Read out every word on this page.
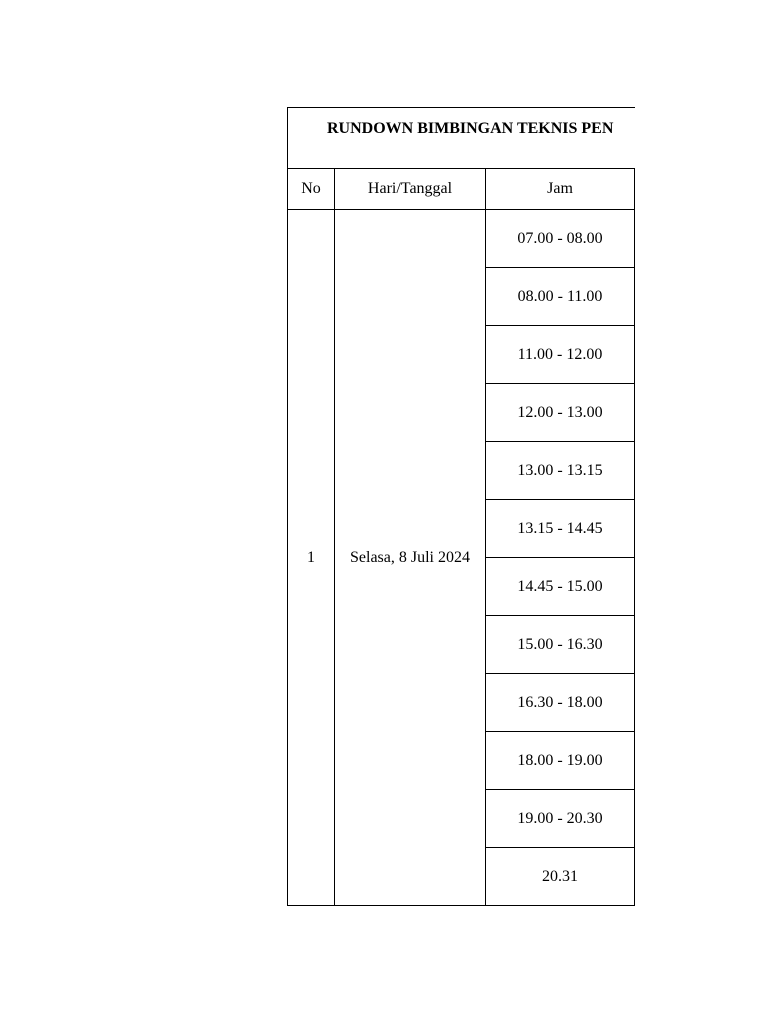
RUNDOWN BIMBINGAN TEKNIS PEN			
No	Hari/Tanggal	Jam	
1	Selasa, 8 Juli 2024	07.00 - 08.00	
		08.00 - 11.00	
		11.00 - 12.00	
		12.00 - 13.00	
		13.00 - 13.15	
		13.15 - 14.45	
		14.45 - 15.00	
		15.00 - 16.30	
		16.30 - 18.00	
		18.00 - 19.00	
		19.00 - 20.30	
		20.31	
